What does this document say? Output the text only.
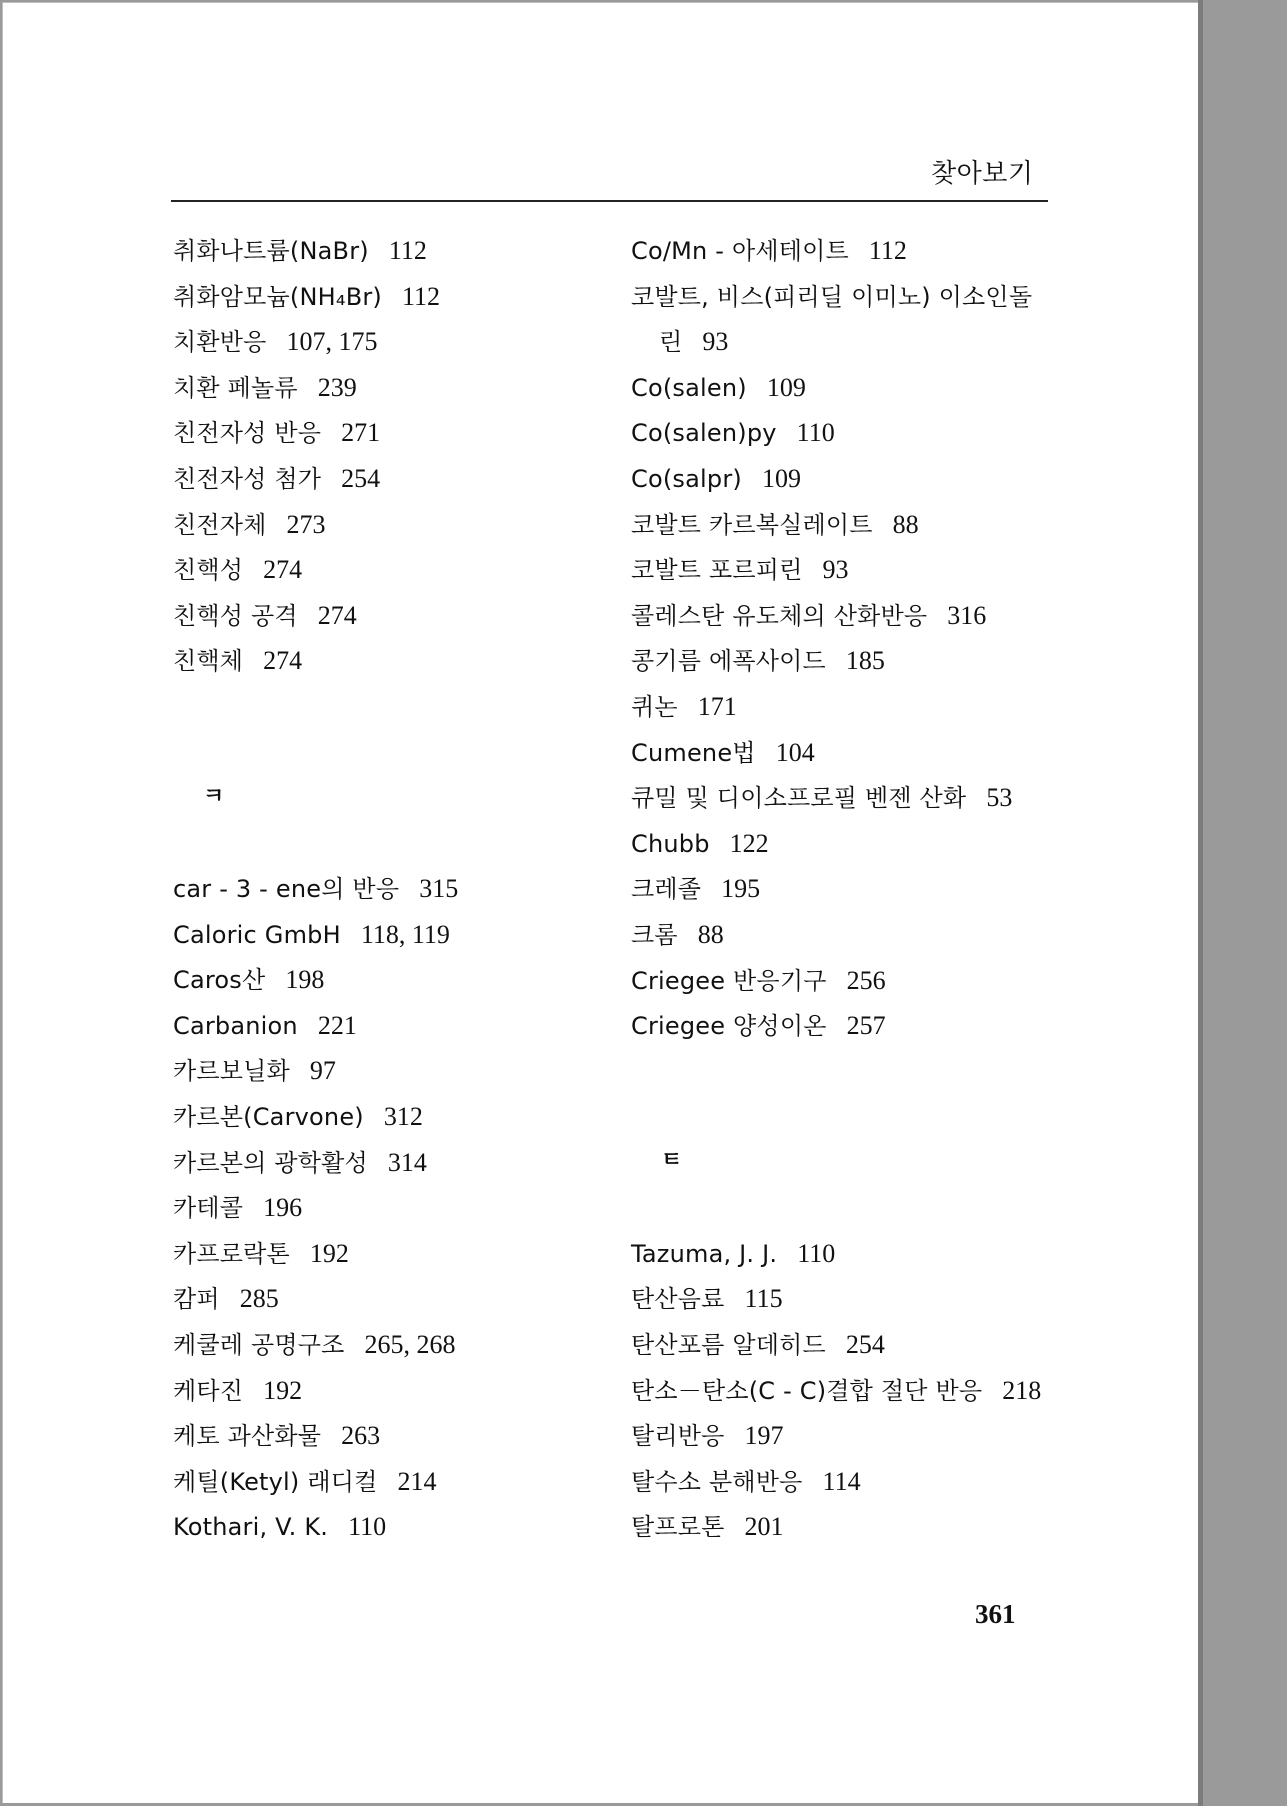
찾아보기
취화나트륨(NaBr) 112
취화암모늄(NH₄Br) 112
치환반응 107, 175
치환 페놀류 239
친전자성 반응 271
친전자성 첨가 254
친전자체 273
친핵성 274
친핵성 공격 274
친핵체 274
ㅋ
car - 3 - ene의 반응 315
Caloric GmbH 118, 119
Caros산 198
Carbanion 221
카르보닐화 97
카르본(Carvone) 312
카르본의 광학활성 314
카테콜 196
카프로락톤 192
캄퍼 285
케쿨레 공명구조 265, 268
케타진 192
케토 과산화물 263
케틸(Ketyl) 래디컬 214
Kothari, V. K. 110
Co/Mn - 아세테이트 112
코발트, 비스(피리딜 이미노) 이소인돌
린 93
Co(salen) 109
Co(salen)py 110
Co(salpr) 109
코발트 카르복실레이트 88
코발트 포르피린 93
콜레스탄 유도체의 산화반응 316
콩기름 에폭사이드 185
퀴논 171
Cumene법 104
큐밀 및 디이소프로필 벤젠 산화 53
Chubb 122
크레졸 195
크롬 88
Criegee 반응기구 256
Criegee 양성이온 257
ㅌ
Tazuma, J. J. 110
탄산음료 115
탄산포름 알데히드 254
탄소－탄소(C - C)결합 절단 반응 218
탈리반응 197
탈수소 분해반응 114
탈프로톤 201
361
